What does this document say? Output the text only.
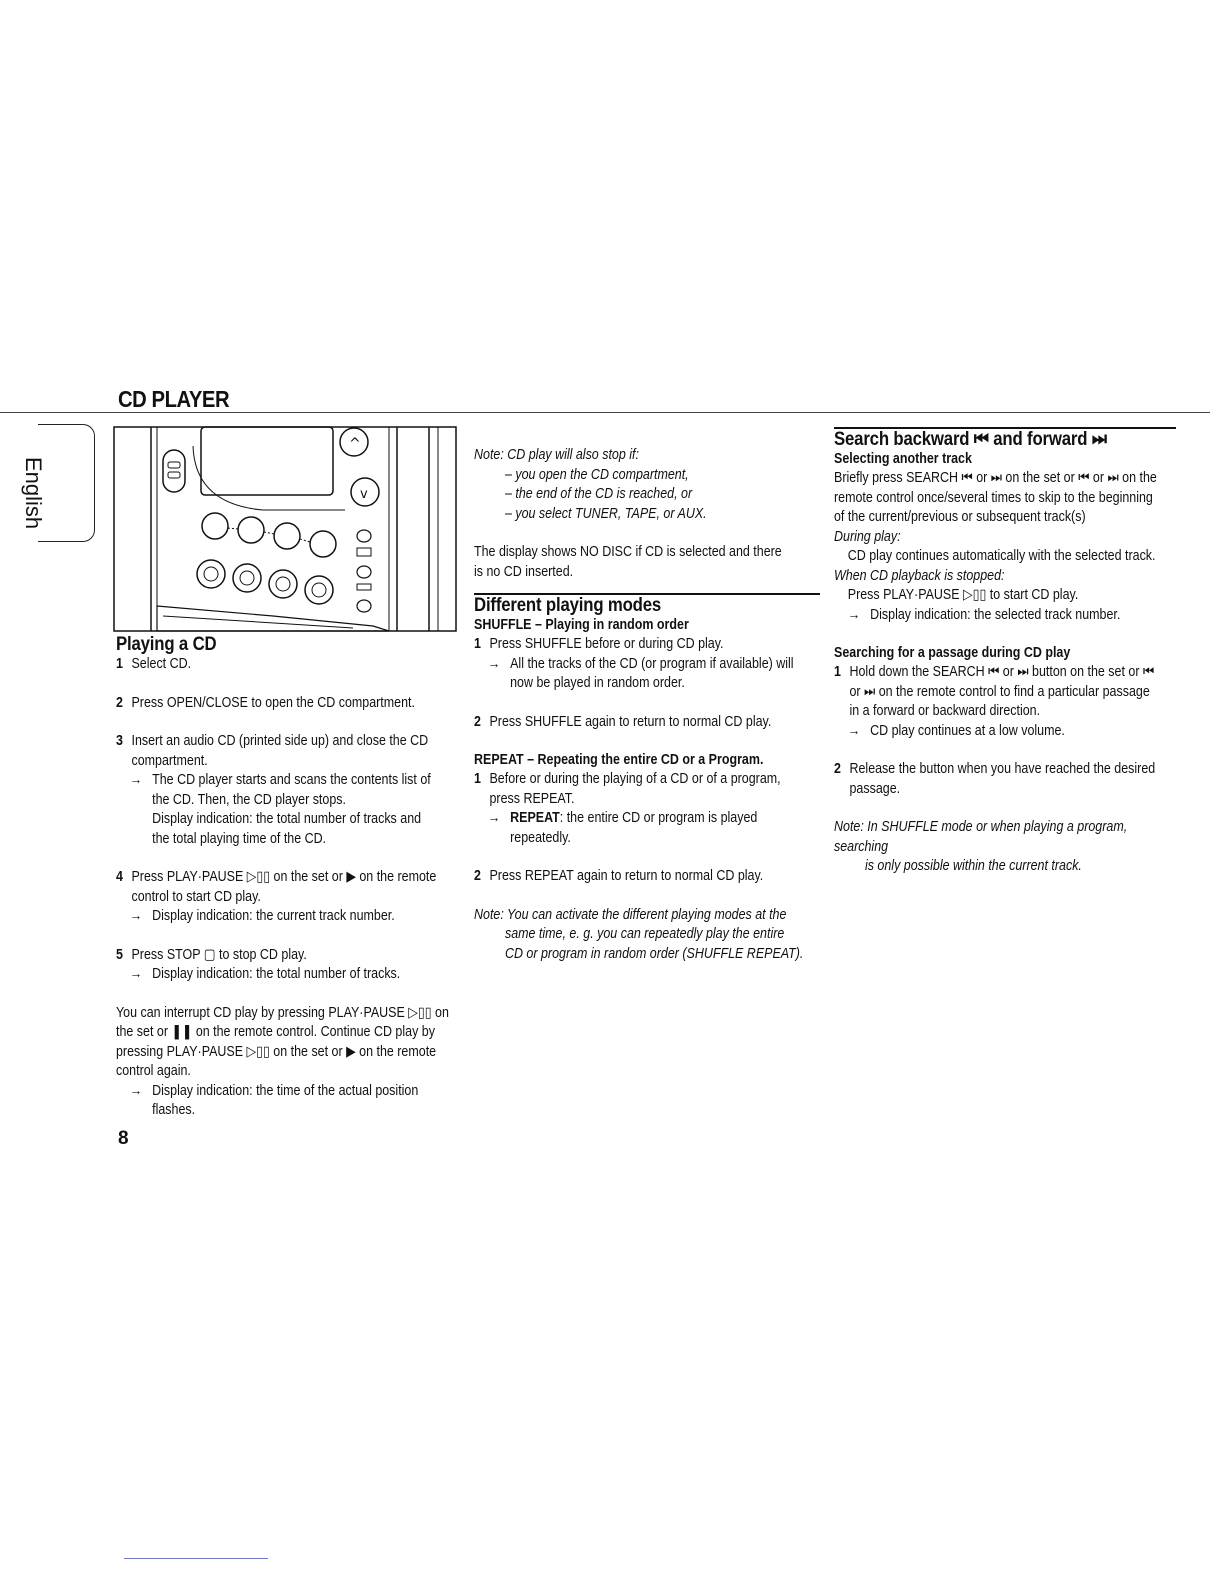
CD PLAYER
English
^
v
Playing a CD
1 Select CD.
2 Press OPEN/CLOSE to open the CD compartment.
3 Insert an audio CD (printed side up) and close the CD
compartment.
→ The CD player starts and scans the contents list of
the CD. Then, the CD player stops.
Display indication: the total number of tracks and
the total playing time of the CD.
4 Press PLAY·PAUSE ▷▯▯ on the set or ▶ on the remote
control to start CD play.
→ Display indication: the current track number.
5 Press STOP ▢ to stop CD play.
→ Display indication: the total number of tracks.
You can interrupt CD play by pressing PLAY·PAUSE ▷▯▯ on
the set or ❚❚ on the remote control. Continue CD play by
pressing PLAY·PAUSE ▷▯▯ on the set or ▶ on the remote
control again.
→ Display indication: the time of the actual position
flashes.
Note: CD play will also stop if:
– you open the CD compartment,
– the end of the CD is reached, or
– you select TUNER, TAPE, or AUX.
The display shows NO DISC if CD is selected and there
is no CD inserted.
Different playing modes
SHUFFLE – Playing in random order
1 Press SHUFFLE before or during CD play.
→ All the tracks of the CD (or program if available) will
now be played in random order.
2 Press SHUFFLE again to return to normal CD play.
REPEAT – Repeating the entire CD or a Program.
1 Before or during the playing of a CD or of a program,
press REPEAT.
→ REPEAT: the entire CD or program is played
repeatedly.
2 Press REPEAT again to return to normal CD play.
Note: You can activate the different playing modes at the
same time, e. g. you can repeatedly play the entire
CD or program in random order (SHUFFLE REPEAT).
Search backward ⏮ and forward ⏭
Selecting another track
Briefly press SEARCH ⏮ or ⏭ on the set or ⏮ or ⏭ on the
remote control once/several times to skip to the beginning
of the current/previous or subsequent track(s)
During play:
CD play continues automatically with the selected track.
When CD playback is stopped:
Press PLAY·PAUSE ▷▯▯ to start CD play.
→ Display indication: the selected track number.
Searching for a passage during CD play
1 Hold down the SEARCH ⏮ or ⏭ button on the set or ⏮
or ⏭ on the remote control to find a particular passage
in a forward or backward direction.
→ CD play continues at a low volume.
2 Release the button when you have reached the desired
passage.
Note: In SHUFFLE mode or when playing a program, searching
is only possible within the current track.
8
